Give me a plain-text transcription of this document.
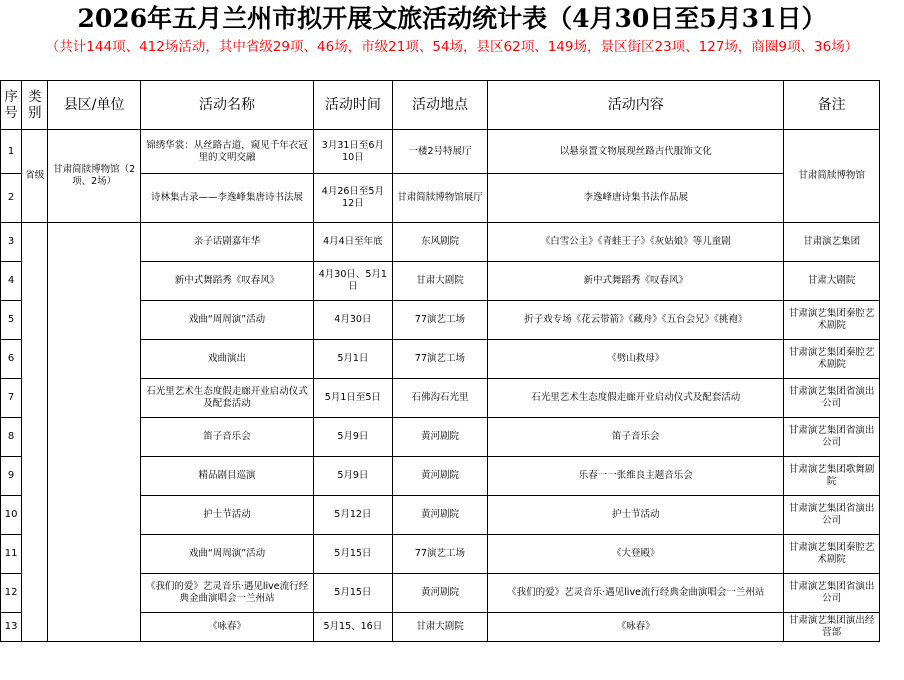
2026年五月兰州市拟开展文旅活动统计表（4月30日至5月31日）
（共计144项、412场活动，其中省级29项、46场，市级21项、54场，县区62项、149场，景区街区23项、127场，商圈9项、36场）
序号	类别	县区/单位	活动名称	活动时间	活动地点	活动内容	备注
1	省级	甘肃简牍博物馆（2项、2场）	锦绣华裳：从丝路古道，窥见千年衣冠里的文明交融	3月31日至6月10日	一楼2号特展厅	以悬泉置文物展现丝路古代服饰文化	甘肃简牍博物馆
2			诗林集古录——李逸峰集唐诗书法展	4月26日至5月12日	甘肃简牍博物馆展厅	李逸峰唐诗集书法作品展	
3			亲子话剧嘉年华	4月4日至年底	东风剧院	《白雪公主》《青蛙王子》《灰姑娘》等儿童剧	甘肃演艺集团
4			新中式舞蹈秀《叹春风》	4月30日、5月1日	甘肃大剧院	新中式舞蹈秀《叹春风》	甘肃大剧院
5			戏曲“周周演”活动	4月30日	77演艺工场	折子戏专场《花云带箭》《藏舟》《五台会兄》《挑袍》	甘肃演艺集团秦腔艺术剧院
6			戏曲演出	5月1日	77演艺工场	《劈山救母》	甘肃演艺集团秦腔艺术剧院
7			石光里艺术生态度假走廊开业启动仪式及配套活动	5月1日至5日	石佛沟石光里	石光里艺术生态度假走廊开业启动仪式及配套活动	甘肃演艺集团省演出公司
8			笛子音乐会	5月9日	黄河剧院	笛子音乐会	甘肃演艺集团省演出公司
9			精品剧目巡演	5月9日	黄河剧院	乐春一一张维良主题音乐会	甘肃演艺集团歌舞剧院
10			护士节活动	5月12日	黄河剧院	护士节活动	甘肃演艺集团省演出公司
11			戏曲“周周演”活动	5月15日	77演艺工场	《大登殿》	甘肃演艺集团秦腔艺术剧院
12			《我们的爱》艺灵音乐·遇见live流行经典金曲演唱会一兰州站	5月15日	黄河剧院	《我们的爱》艺灵音乐·遇见live流行经典金曲演唱会一兰州站	甘肃演艺集团省演出公司
13			《咏春》	5月15、16日	甘肃大剧院	《咏春》	甘肃演艺集团演出经营部
